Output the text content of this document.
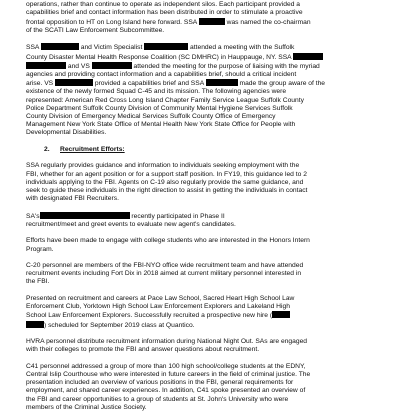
operations, rather than continue to operate as independent silos. Each participant provided a
capabilities brief and contact information has been distributed in order to stimulate a proactive
frontal opposition to HT on Long Island here forward. SSA	was named the co-chairman
of the SCATI Law Enforcement Subcommittee.

SSA	and Victim Specialist	attended a meeting with the Suffolk
County Disaster Mental Health Response Coalition (SC DMHRC) in Hauppauge, NY. SSA
and VS	attended the meeting for the purpose of liaising with the myriad
agencies and providing contact information and a capabilities brief, should a critical incident
arise. VS	provided a capabilities brief and SSA	made the group aware of the
existence of the newly formed Squad C-45 and its mission. The following agencies were
represented: American Red Cross Long Island Chapter Family Service League Suffolk County
Police Department Suffolk County Division of Community Mental Hygiene Services Suffolk
County Division of Emergency Medical Services Suffolk County Office of Emergency
Management New York State Office of Mental Health New York State Office for People with
Developmental Disabilities.

2. Recruitment Efforts:

SSA regularly provides guidance and information to individuals seeking employment with the
FBI, whether for an agent position or for a support staff position. In FY19, this guidance led to 2
individuals applying to the FBI. Agents on C-19 also regularly provide the same guidance, and
seek to guide these individuals in the right direction to assist in getting the individuals in contact
with designated FBI Recruiters.

SA's	recently participated in Phase II
recruitment/meet and greet events to evaluate new agent's candidates.

Efforts have been made to engage with college students who are interested in the Honors Intern
Program.

C-20 personnel are members of the FBI-NYO office wide recruitment team and have attended
recruitment events including Fort Dix in 2018 aimed at current military personnel interested in
the FBI.

Presented on recruitment and careers at Pace Law School, Sacred Heart High School Law
Enforcement Club, Yorktown High School Law Enforcement Explorers and Lakeland High
School Law Enforcement Explorers. Successfully recruited a prospective new hire (
) scheduled for September 2019 class at Quantico.

HVRA personnel distribute recruitment information during National Night Out. SAs are engaged
with their colleges to promote the FBI and answer questions about recruitment.

C41 personnel addressed a group of more than 100 high school/college students at the EDNY,
Central Islip Courthouse who were interested in future careers in the field of criminal justice. The
presentation included an overview of various positions in the FBI, general requirements for
employment, and shared career experiences. In addition, C41 spoke presented an overview of
the FBI and career opportunities to a group of students at St. John's University who were
members of the Criminal Justice Society.
